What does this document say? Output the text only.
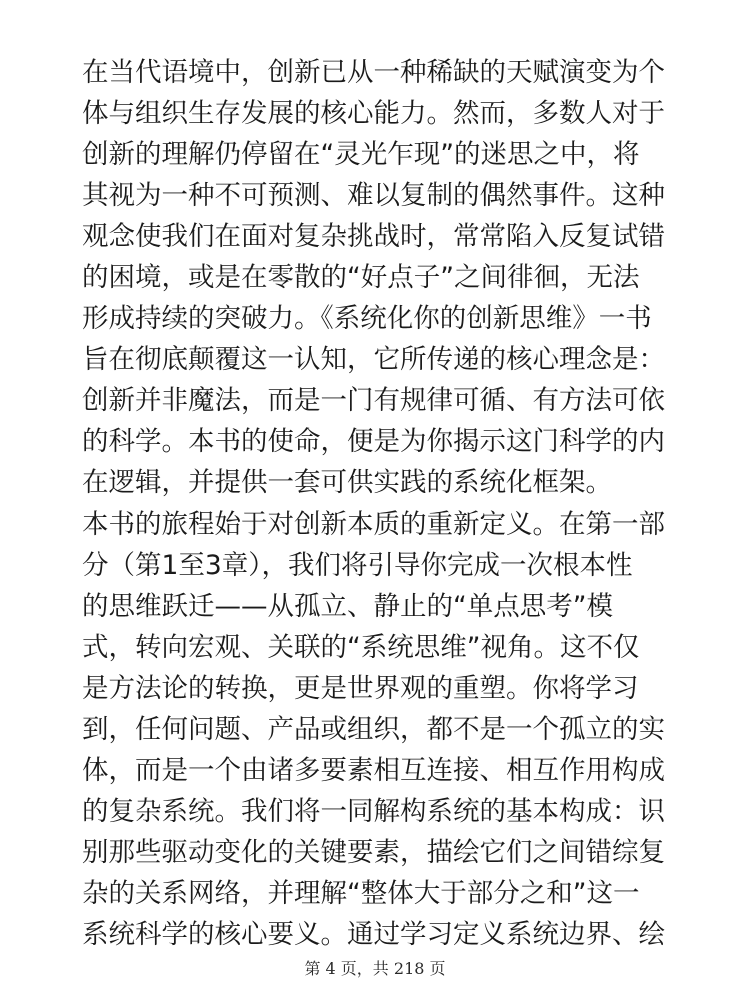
在当代语境中，创新已从一种稀缺的天赋演变为个
体与组织生存发展的核心能力。然而，多数人对于
创新的理解仍停留在“灵光乍现”的迷思之中，将
其视为一种不可预测、难以复制的偶然事件。这种
观念使我们在面对复杂挑战时，常常陷入反复试错
的困境，或是在零散的“好点子”之间徘徊，无法
形成持续的突破力。《系统化你的创新思维》一书
旨在彻底颠覆这一认知，它所传递的核心理念是：
创新并非魔法，而是一门有规律可循、有方法可依
的科学。本书的使命，便是为你揭示这门科学的内
在逻辑，并提供一套可供实践的系统化框架。
本书的旅程始于对创新本质的重新定义。在第一部
分（第1至3章），我们将引导你完成一次根本性
的思维跃迁——从孤立、静止的“单点思考”模
式，转向宏观、关联的“系统思维”视角。这不仅
是方法论的转换，更是世界观的重塑。你将学习
到，任何问题、产品或组织，都不是一个孤立的实
体，而是一个由诸多要素相互连接、相互作用构成
的复杂系统。我们将一同解构系统的基本构成：识
别那些驱动变化的关键要素，描绘它们之间错综复
杂的关系网络，并理解“整体大于部分之和”这一
系统科学的核心要义。通过学习定义系统边界、绘
第 4 页，共 218 页
